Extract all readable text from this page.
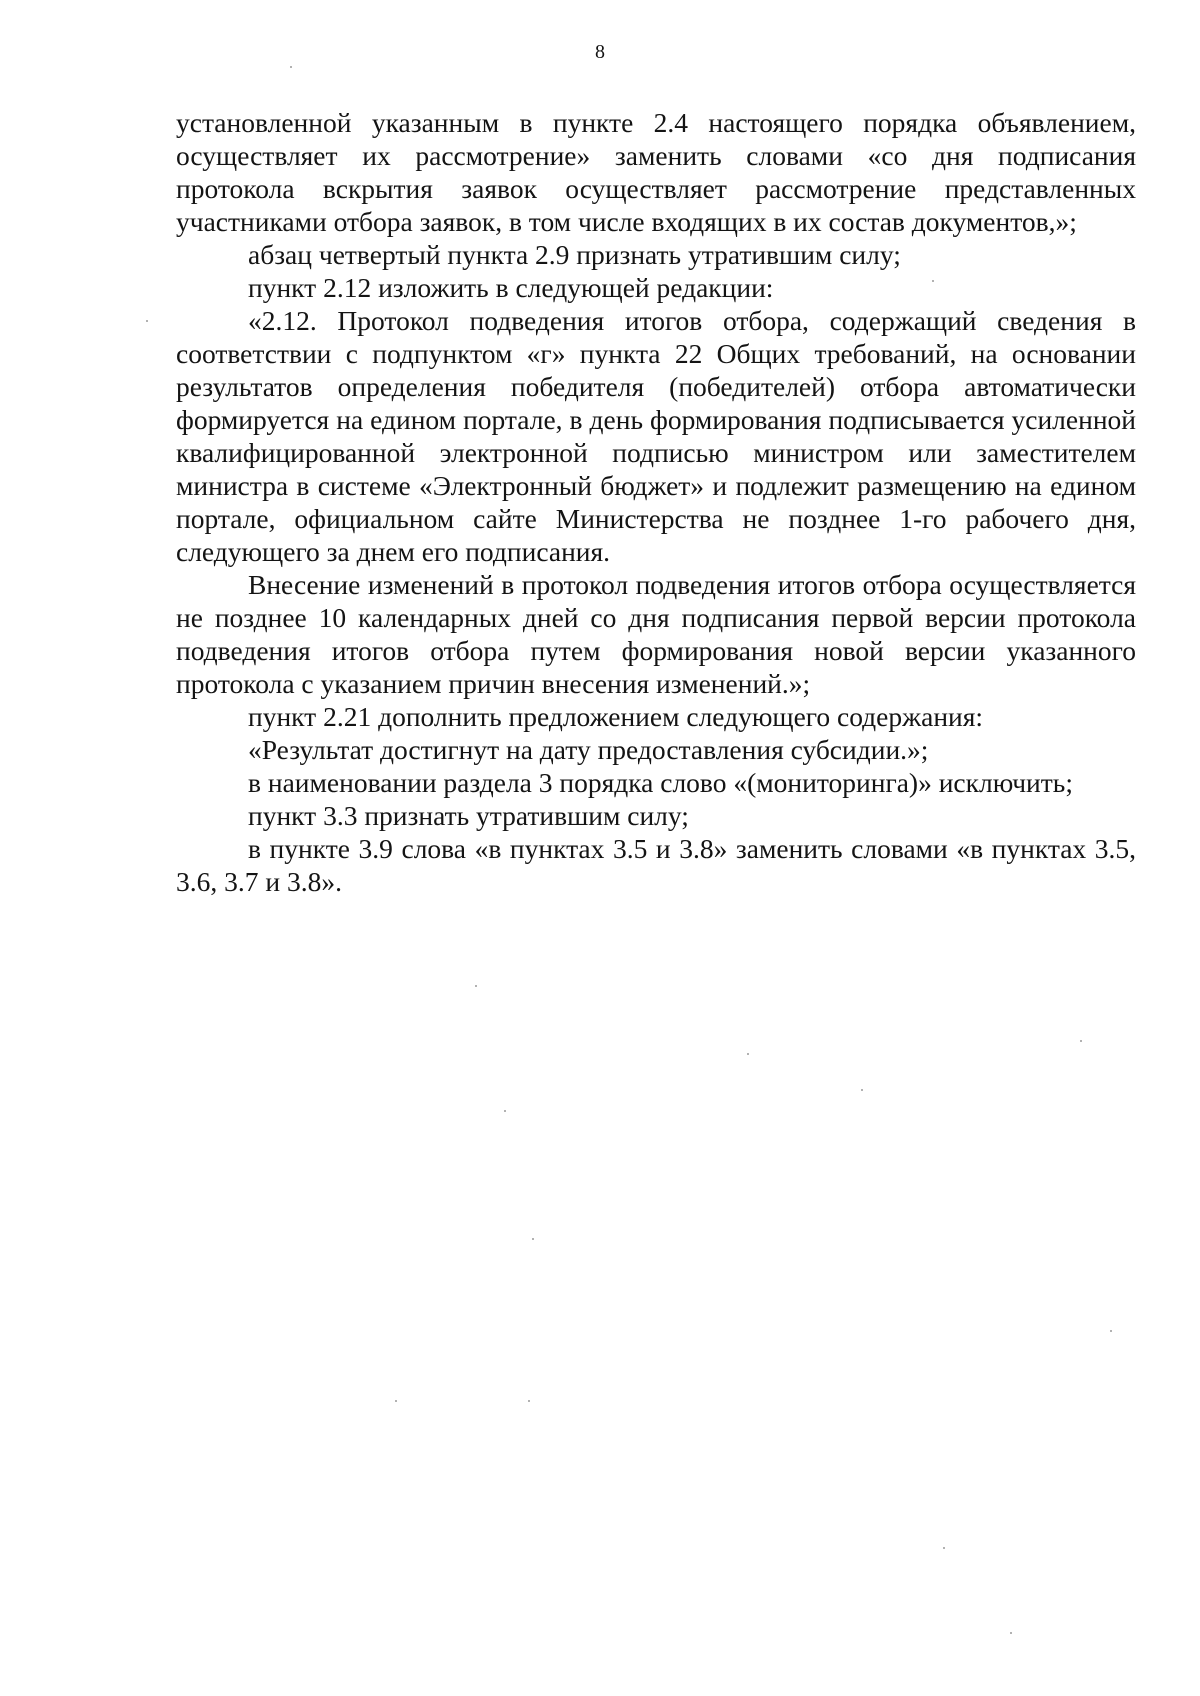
8

установленной указанным в пункте 2.4 настоящего порядка объявлением, осуществляет их рассмотрение» заменить словами «со дня подписания протокола вскрытия заявок осуществляет рассмотрение представленных участниками отбора заявок, в том числе входящих в их состав документов,»;

абзац четвертый пункта 2.9 признать утратившим силу;

пункт 2.12 изложить в следующей редакции:

«2.12. Протокол подведения итогов отбора, содержащий сведения в соответствии с подпунктом «г» пункта 22 Общих требований, на основании результатов определения победителя (победителей) отбора автоматически формируется на едином портале, в день формирования подписывается усиленной квалифицированной электронной подписью министром или заместителем министра в системе «Электронный бюджет» и подлежит размещению на едином портале, официальном сайте Министерства не позднее 1-го рабочего дня, следующего за днем его подписания.

Внесение изменений в протокол подведения итогов отбора осуществляется не позднее 10 календарных дней со дня подписания первой версии протокола подведения итогов отбора путем формирования новой версии указанного протокола с указанием причин внесения изменений.»;

пункт 2.21 дополнить предложением следующего содержания:

«Результат достигнут на дату предоставления субсидии.»;

в наименовании раздела 3 порядка слово «(мониторинга)» исключить;

пункт 3.3 признать утратившим силу;

в пункте 3.9 слова «в пунктах 3.5 и 3.8» заменить словами «в пунктах 3.5, 3.6, 3.7 и 3.8».
